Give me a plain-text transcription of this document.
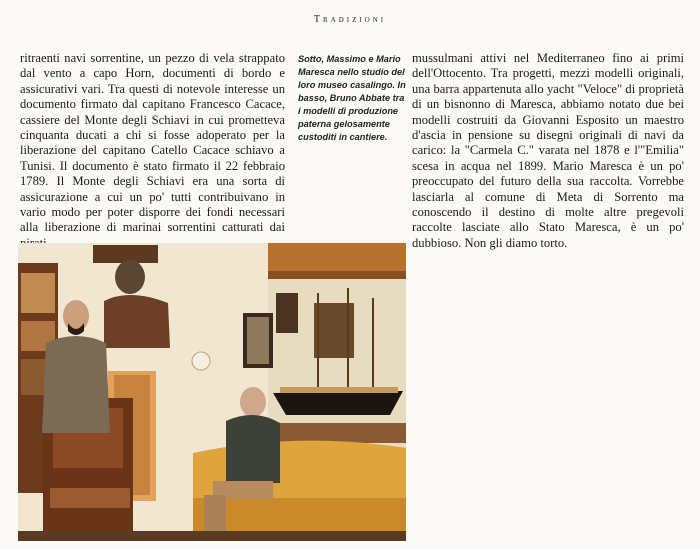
Tradizioni
ritraenti navi sorrentine, un pezzo di vela strappato dal vento a capo Horn, documenti di bordo e assicurativi vari. Tra questi di notevole interesse un documento firmato dal capitano Francesco Cacace, cassiere del Monte degli Schiavi in cui prometteva cinquanta ducati a chi si fosse adoperato per la liberazione del capitano Catello Cacace schiavo a Tunisi. Il documento è stato firmato il 22 febbraio 1789. Il Monte degli Schiavi era una sorta di assicurazione a cui un po' tutti contribuivano in vario modo per poter disporre dei fondi necessari alla liberazione di marinai sorrentini catturati dai
Sotto, Massimo e Mario Maresca nello studio del loro museo casalingo. In basso, Bruno Abbate tra i modelli di produzione paterna gelosamente custoditi in cantiere.
mussulmani attivi nel Mediterraneo fino ai primi dell'Ottocento. Tra progetti, mezzi modelli originali, una barra appartenuta allo yacht "Veloce" di proprietà di un bisnonno di Maresca, abbiamo notato due bei modelli costruiti da Giovanni Esposito un maestro d'ascia in pensione su disegni originali di navi da carico: la "Carmela C." varata nel 1878 e l'"Emilia" scesa in acqua nel 1899. Mario Maresca è un po' preoccupato del futuro della sua raccolta. Vorrebbe lasciarla al comune di Meta di Sorrento ma conoscendo il destino di molte altre pregevoli raccolte lasciate allo Stato Maresca, è un po' dubbioso. Non gli diamo torto.
